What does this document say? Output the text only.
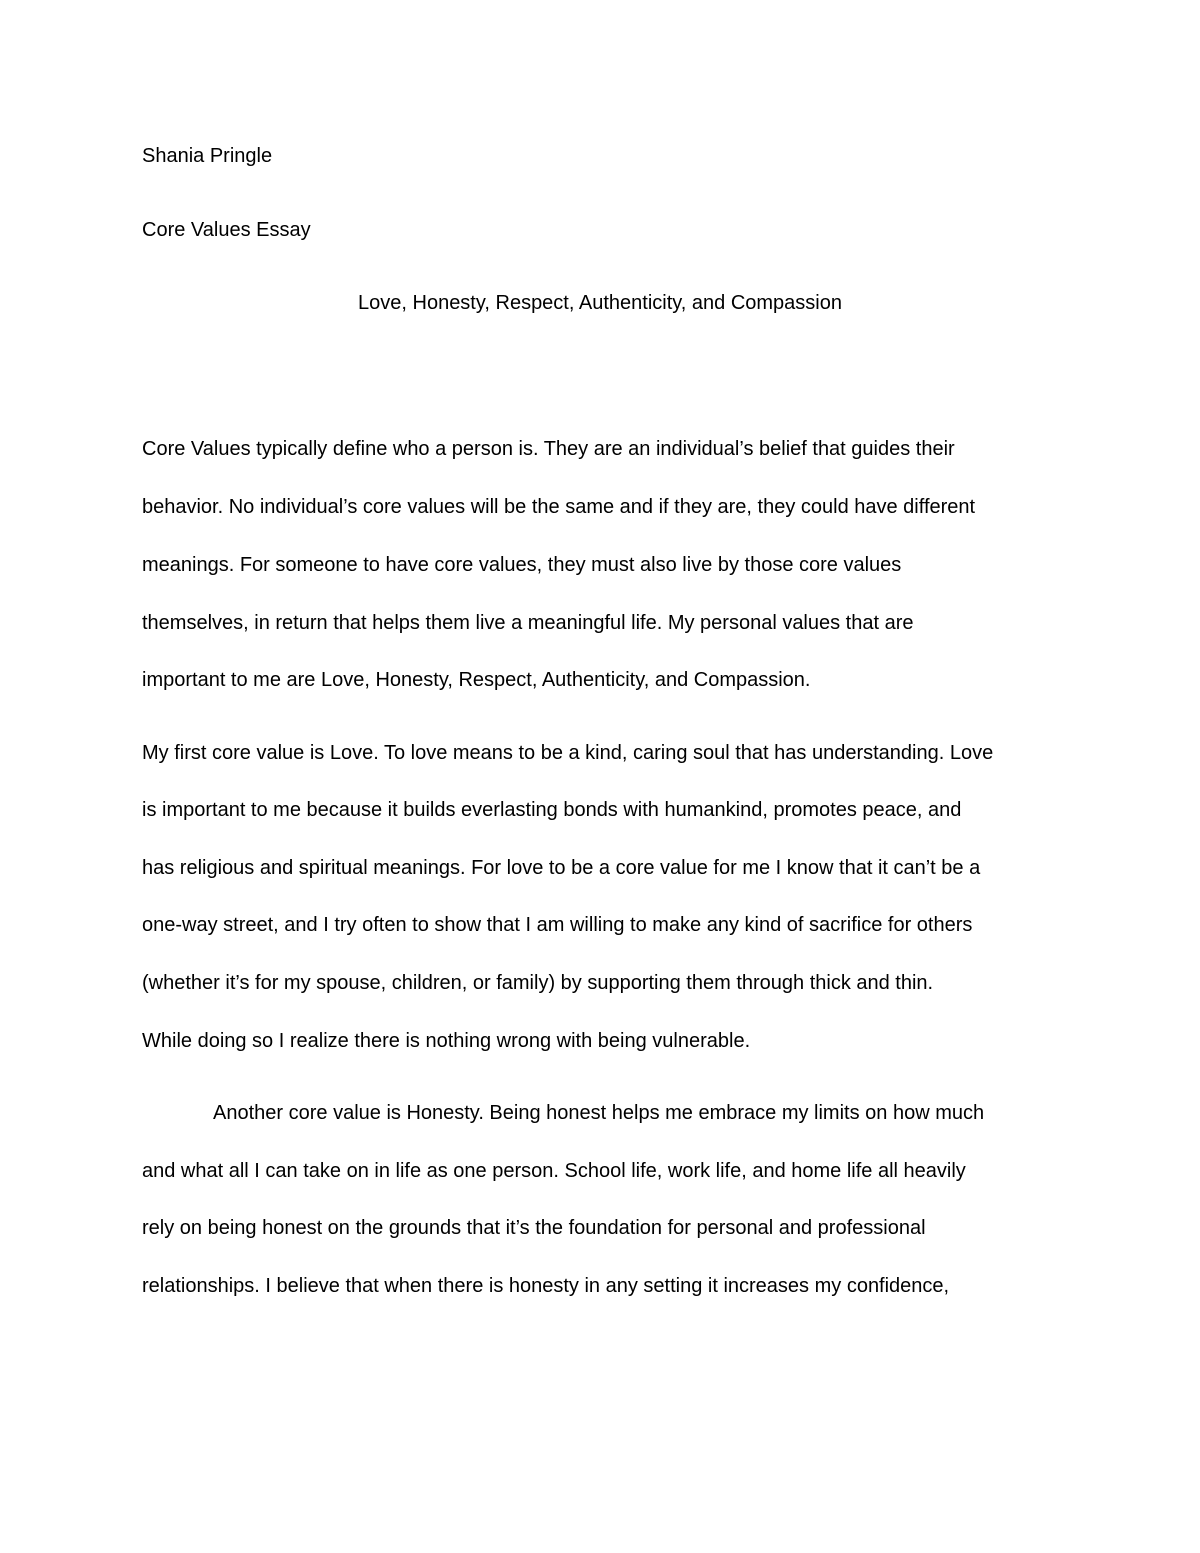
Shania Pringle

Core Values Essay

Love, Honesty, Respect, Authenticity, and Compassion

Core Values typically define who a person is. They are an individual’s belief that guides their

behavior. No individual’s core values will be the same and if they are, they could have different

meanings. For someone to have core values, they must also live by those core values

themselves, in return that helps them live a meaningful life. My personal values that are

important to me are Love, Honesty, Respect, Authenticity, and Compassion.

My first core value is Love. To love means to be a kind, caring soul that has understanding. Love

is important to me because it builds everlasting bonds with humankind, promotes peace, and

has religious and spiritual meanings. For love to be a core value for me I know that it can’t be a

one-way street, and I try often to show that I am willing to make any kind of sacrifice for others

(whether it’s for my spouse, children, or family) by supporting them through thick and thin.

While doing so I realize there is nothing wrong with being vulnerable.

Another core value is Honesty. Being honest helps me embrace my limits on how much

and what all I can take on in life as one person. School life, work life, and home life all heavily

rely on being honest on the grounds that it’s the foundation for personal and professional

relationships. I believe that when there is honesty in any setting it increases my confidence,
